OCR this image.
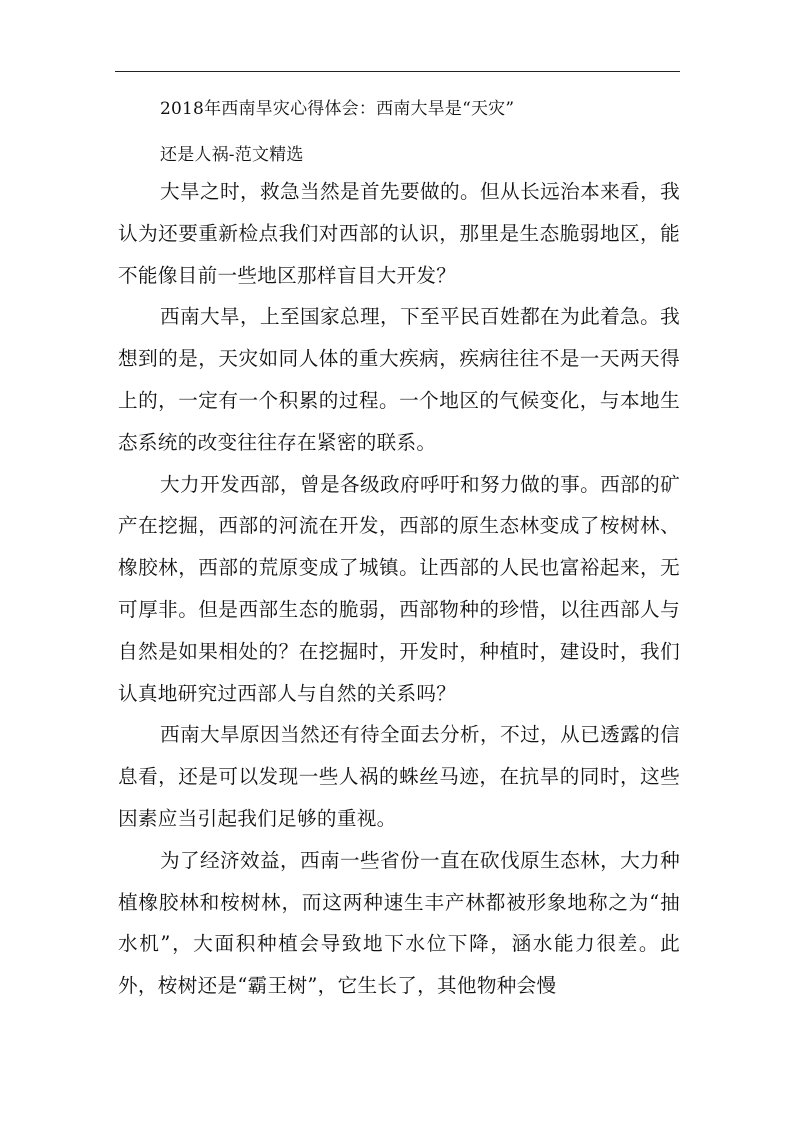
2018年西南旱灾心得体会：西南大旱是“天灾”
还是人祸-范文精选

大旱之时，救急当然是首先要做的。但从长远治本来看，我认为还要重新检点我们对西部的认识，那里是生态脆弱地区，能不能像目前一些地区那样盲目大开发？

西南大旱，上至国家总理，下至平民百姓都在为此着急。我想到的是，天灾如同人体的重大疾病，疾病往往不是一天两天得上的，一定有一个积累的过程。一个地区的气候变化，与本地生态系统的改变往往存在紧密的联系。

大力开发西部，曾是各级政府呼吁和努力做的事。西部的矿产在挖掘，西部的河流在开发，西部的原生态林变成了桉树林、橡胶林，西部的荒原变成了城镇。让西部的人民也富裕起来，无可厚非。但是西部生态的脆弱，西部物种的珍惜，以往西部人与自然是如果相处的？在挖掘时，开发时，种植时，建设时，我们认真地研究过西部人与自然的关系吗？

西南大旱原因当然还有待全面去分析，不过，从已透露的信息看，还是可以发现一些人祸的蛛丝马迹，在抗旱的同时，这些因素应当引起我们足够的重视。

为了经济效益，西南一些省份一直在砍伐原生态林，大力种植橡胶林和桉树林，而这两种速生丰产林都被形象地称之为“抽水机”，大面积种植会导致地下水位下降，涵水能力很差。此外，桉树还是“霸王树”，它生长了，其他物种会慢
